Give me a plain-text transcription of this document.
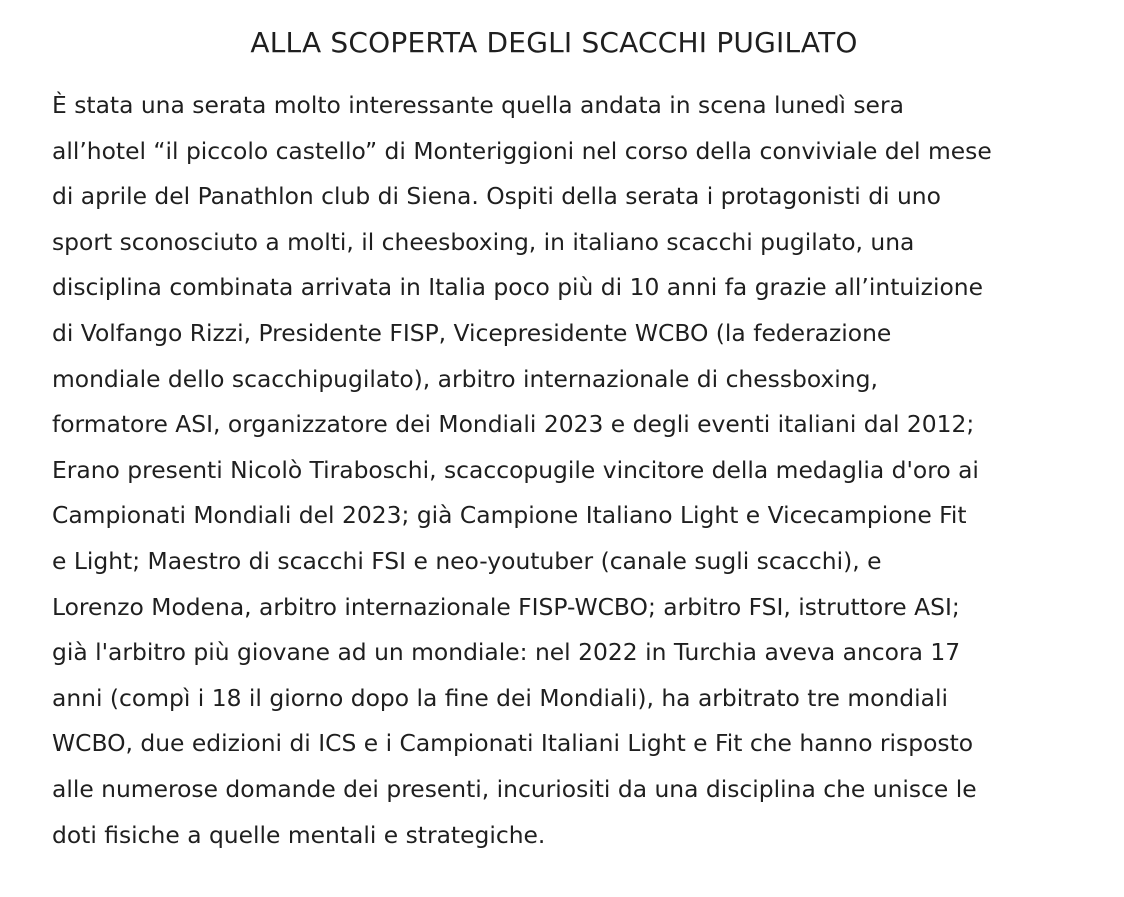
ALLA SCOPERTA DEGLI SCACCHI PUGILATO
È stata una serata molto interessante quella andata in scena lunedì sera
all’hotel “il piccolo castello” di Monteriggioni nel corso della conviviale del mese
di aprile del Panathlon club di Siena. Ospiti della serata i protagonisti di uno
sport sconosciuto a molti, il cheesboxing, in italiano scacchi pugilato, una
disciplina combinata arrivata in Italia poco più di 10 anni fa grazie all’intuizione
di Volfango Rizzi, Presidente FISP, Vicepresidente WCBO (la federazione
mondiale dello scacchipugilato), arbitro internazionale di chessboxing,
formatore ASI, organizzatore dei Mondiali 2023 e degli eventi italiani dal 2012;
Erano presenti Nicolò Tiraboschi, scaccopugile vincitore della medaglia d'oro ai
Campionati Mondiali del 2023; già Campione Italiano Light e Vicecampione Fit
e Light; Maestro di scacchi FSI e neo-youtuber (canale sugli scacchi), e
Lorenzo Modena, arbitro internazionale FISP-WCBO; arbitro FSI, istruttore ASI;
già l'arbitro più giovane ad un mondiale: nel 2022 in Turchia aveva ancora 17
anni (compì i 18 il giorno dopo la fine dei Mondiali), ha arbitrato tre mondiali
WCBO, due edizioni di ICS e i Campionati Italiani Light e Fit che hanno risposto
alle numerose domande dei presenti, incuriositi da una disciplina che unisce le
doti fisiche a quelle mentali e strategiche.
